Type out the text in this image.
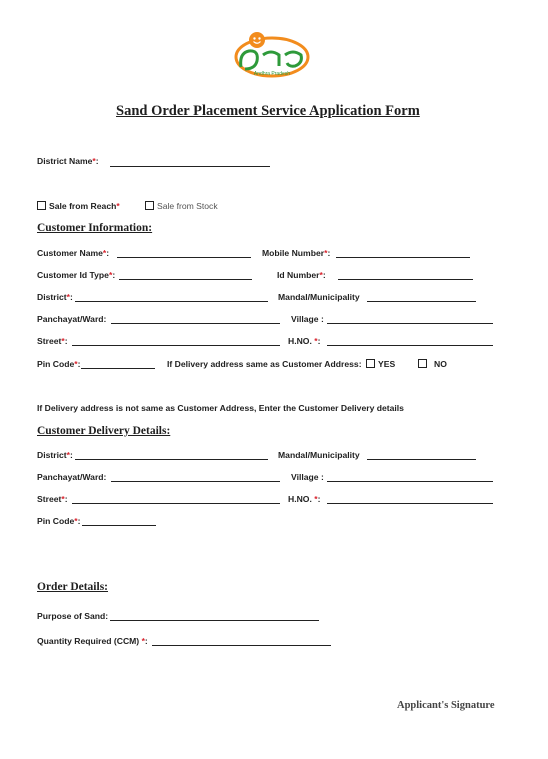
Andhra Pradesh
Sand Order Placement Service Application Form
District Name*:
Sale from Reach*	Sale from Stock
Customer Information:
Customer Name*:	Mobile Number*:
Customer Id Type*:	Id Number*:
District*:	Mandal/Municipality
Panchayat/Ward:	Village :
Street*:	H.NO. *:
Pin Code*:	If Delivery address same as Customer Address:	YES	NO
If Delivery address is not same as Customer Address, Enter the Customer Delivery details
Customer Delivery Details:
District*:	Mandal/Municipality
Panchayat/Ward:	Village :
Street*:	H.NO. *:
Pin Code*:
Order Details:
Purpose of Sand:
Quantity Required (CCM) *:
Applicant's Signature
